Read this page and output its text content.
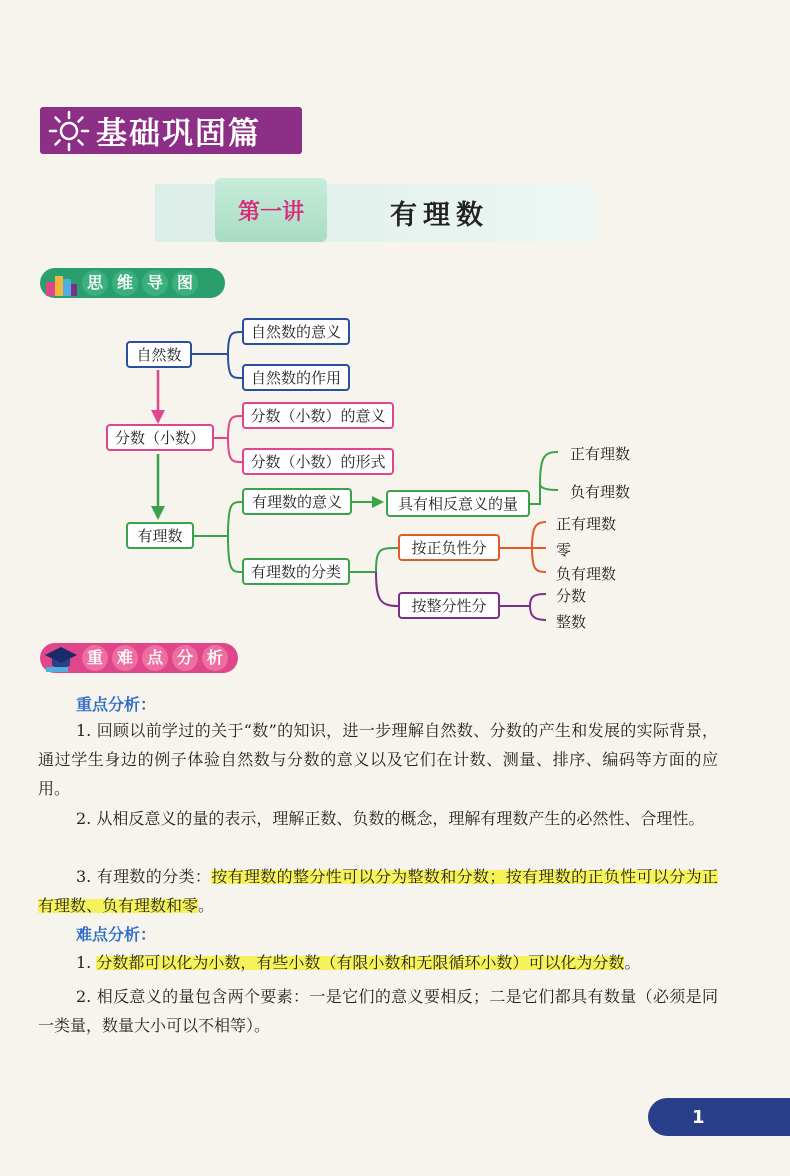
基础巩固篇
第一讲	有理数
思 维 导 图
自然数
自然数的意义
自然数的作用
分数（小数）
分数（小数）的意义
分数（小数）的形式
有理数
有理数的意义	具有相反意义的量
正有理数
负有理数
有理数的分类
按正负性分
正有理数
零
负有理数
按整分性分
分数
整数
重 难 点 分 析
重点分析：

1. 回顾以前学过的关于“数”的知识，进一步理解自然数、分数的产生和发展的实际背景，通过学生身边的例子体验自然数与分数的意义以及它们在计数、测量、排序、编码等方面的应用。

2. 从相反意义的量的表示，理解正数、负数的概念，理解有理数产生的必然性、合理性。

3. 有理数的分类：按有理数的整分性可以分为整数和分数；按有理数的正负性可以分为正有理数、负有理数和零。

难点分析：

1. 分数都可以化为小数，有些小数（有限小数和无限循环小数）可以化为分数。

2. 相反意义的量包含两个要素：一是它们的意义要相反；二是它们都具有数量（必须是同一类量，数量大小可以不相等）。

1
